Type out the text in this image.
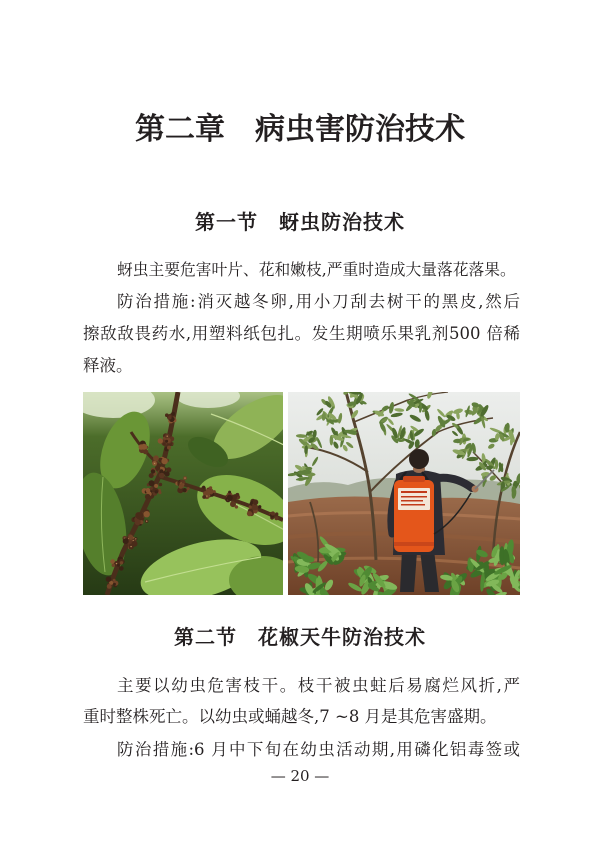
第二章　病虫害防治技术
第一节　蚜虫防治技术
蚜虫主要危害叶片、花和嫩枝,严重时造成大量落花落果。
防治措施:消灭越冬卵,用小刀刮去树干的黑皮,然后
擦敌敌畏药水,用塑料纸包扎。发生期喷乐果乳剂500 倍稀
释液。
第二节　花椒天牛防治技术
主要以幼虫危害枝干。枝干被虫蛀后易腐烂风折,严
重时整株死亡。以幼虫或蛹越冬,7 ~8 月是其危害盛期。
防治措施:6 月中下旬在幼虫活动期,用磷化铝毒签或
— 20 —
